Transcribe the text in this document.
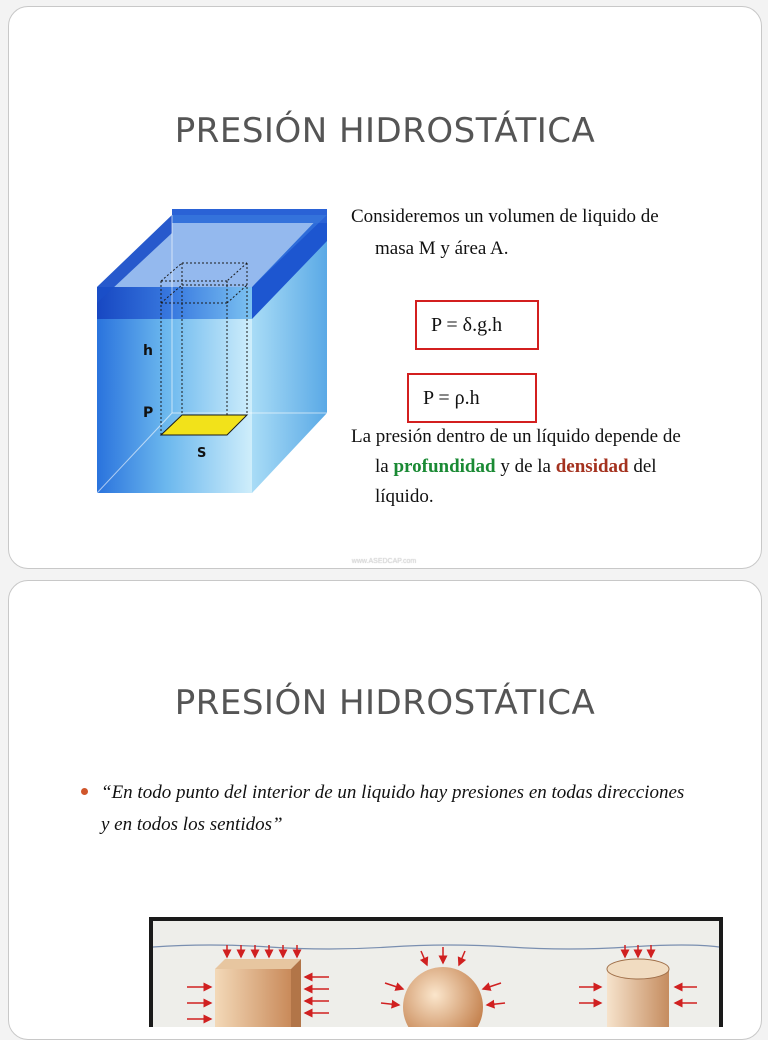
PRESIÓN HIDROSTÁTICA
h
P
S
Consideremos un volumen de liquido de
masa M y área A.
P = δ.g.h
P = ρ.h
La presión dentro de un líquido depende de
la profundidad y de la densidad del
líquido.
www.ASEDCAP.com
PRESIÓN HIDROSTÁTICA
“En todo punto del interior de un liquido hay presiones en todas direcciones
y en todos los sentidos”
